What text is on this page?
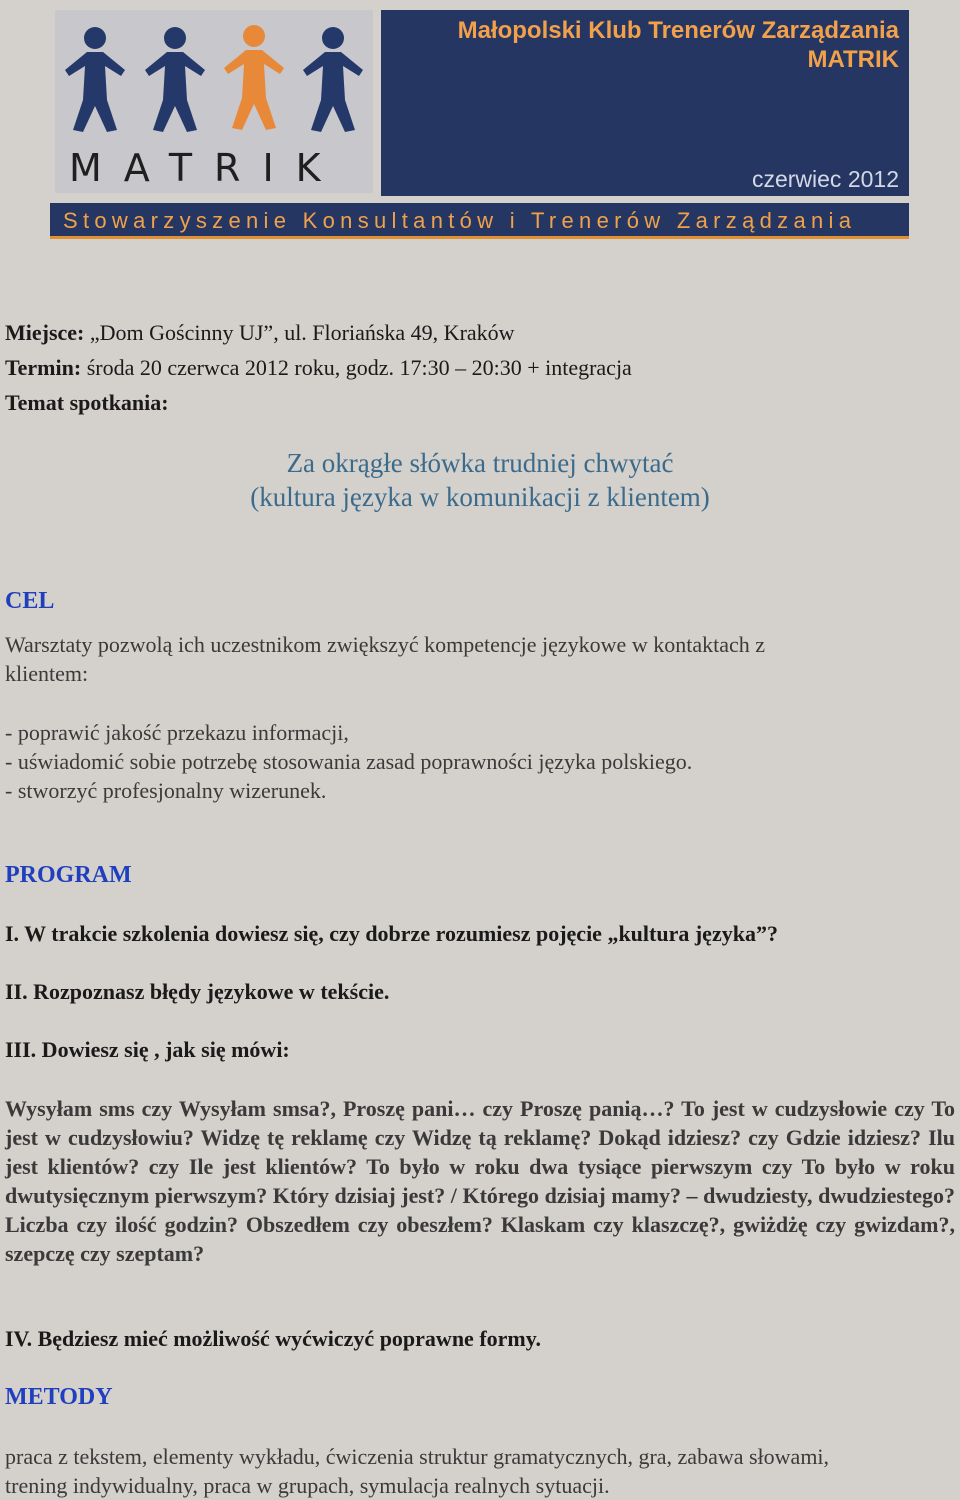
MATRIK
Małopolski Klub Trenerów Zarządzania
MATRIK
czerwiec 2012
Stowarzyszenie Konsultantów i Trenerów Zarządzania
Miejsce: „Dom Gościnny UJ”, ul. Floriańska 49, Kraków
Termin: środa 20 czerwca 2012 roku, godz. 17:30 – 20:30 + integracja
Temat spotkania:
Za okrągłe słówka trudniej chwytać
(kultura języka w komunikacji z klientem)
CEL
Warsztaty pozwolą ich uczestnikom zwiększyć kompetencje językowe w kontaktach z
klientem:
- poprawić jakość przekazu informacji,
- uświadomić sobie potrzebę stosowania zasad poprawności języka polskiego.
- stworzyć profesjonalny wizerunek.
PROGRAM
I. W trakcie szkolenia dowiesz się, czy dobrze rozumiesz pojęcie „kultura języka”?
II. Rozpoznasz błędy językowe w tekście.
III. Dowiesz się , jak się mówi:
Wysyłam sms czy Wysyłam smsa?, Proszę pani… czy Proszę panią…? To jest w cudzysłowie czy To jest w cudzysłowiu? Widzę tę reklamę czy Widzę tą reklamę? Dokąd idziesz? czy Gdzie idziesz? Ilu jest klientów? czy Ile jest klientów? To było w roku dwa tysiące pierwszym czy To było w roku dwutysięcznym pierwszym? Który dzisiaj jest? / Którego dzisiaj mamy? – dwudziesty, dwudziestego? Liczba czy ilość godzin? Obszedłem czy obeszłem? Klaskam czy klaszczę?, gwiżdżę czy gwizdam?, szepczę czy szeptam?
IV. Będziesz mieć możliwość wyćwiczyć poprawne formy.
METODY
praca z tekstem, elementy wykładu, ćwiczenia struktur gramatycznych, gra, zabawa słowami,
trening indywidualny, praca w grupach, symulacja realnych sytuacji.
